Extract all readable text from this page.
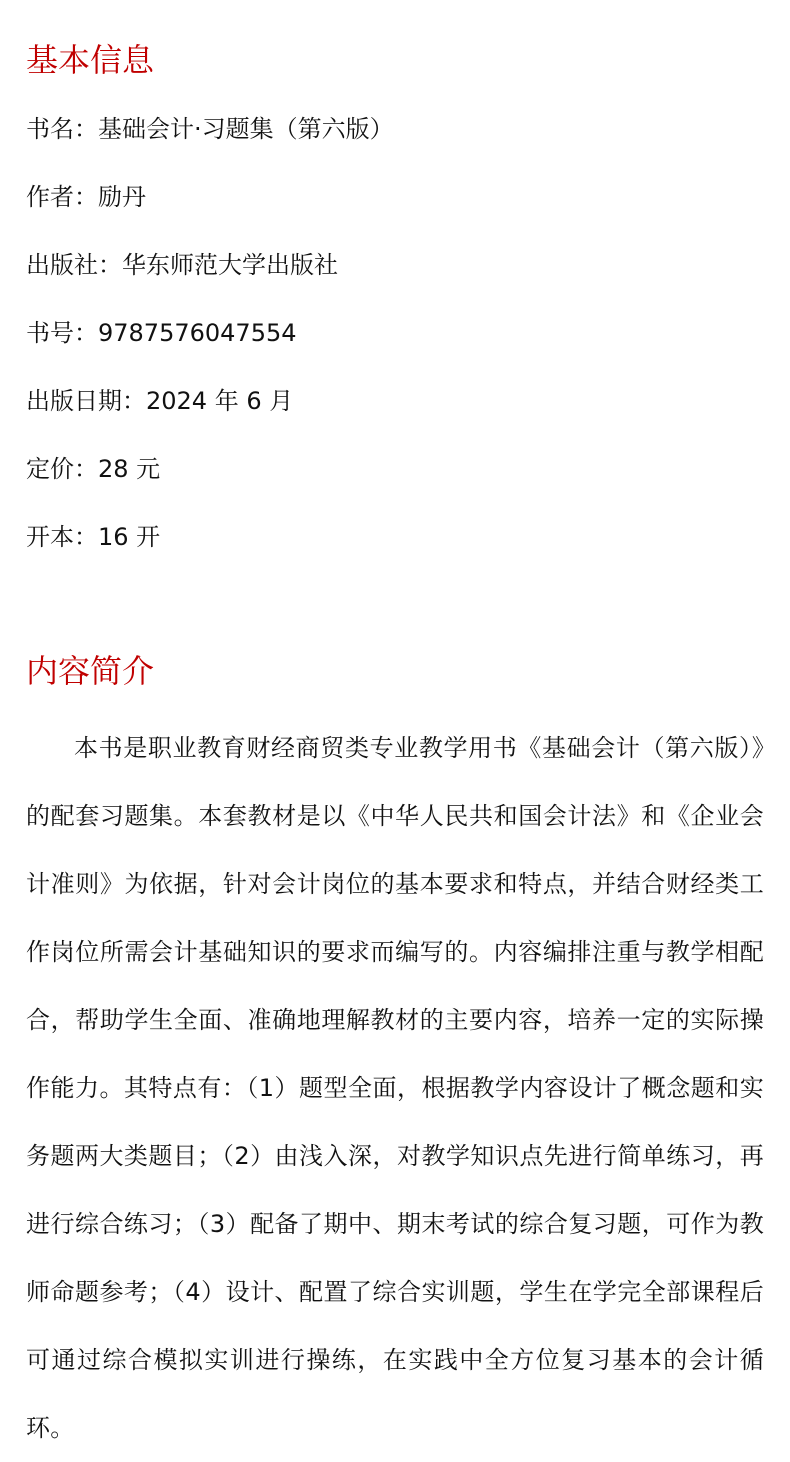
基本信息
书名：基础会计·习题集（第六版）
作者：励丹
出版社：华东师范大学出版社
书号：9787576047554
出版日期：2024 年 6 月
定价：28 元
开本：16 开
内容简介

本书是职业教育财经商贸类专业教学用书《基础会计（第六版）》的配套习题集。本套教材是以《中华人民共和国会计法》和《企业会计准则》为依据，针对会计岗位的基本要求和特点，并结合财经类工作岗位所需会计基础知识的要求而编写的。内容编排注重与教学相配合，帮助学生全面、准确地理解教材的主要内容，培养一定的实际操作能力。其特点有：（1）题型全面，根据教学内容设计了概念题和实务题两大类题目；（2）由浅入深，对教学知识点先进行简单练习，再进行综合练习；（3）配备了期中、期末考试的综合复习题，可作为教师命题参考；（4）设计、配置了综合实训题，学生在学完全部课程后可通过综合模拟实训进行操练，在实践中全方位复习基本的会计循环。
